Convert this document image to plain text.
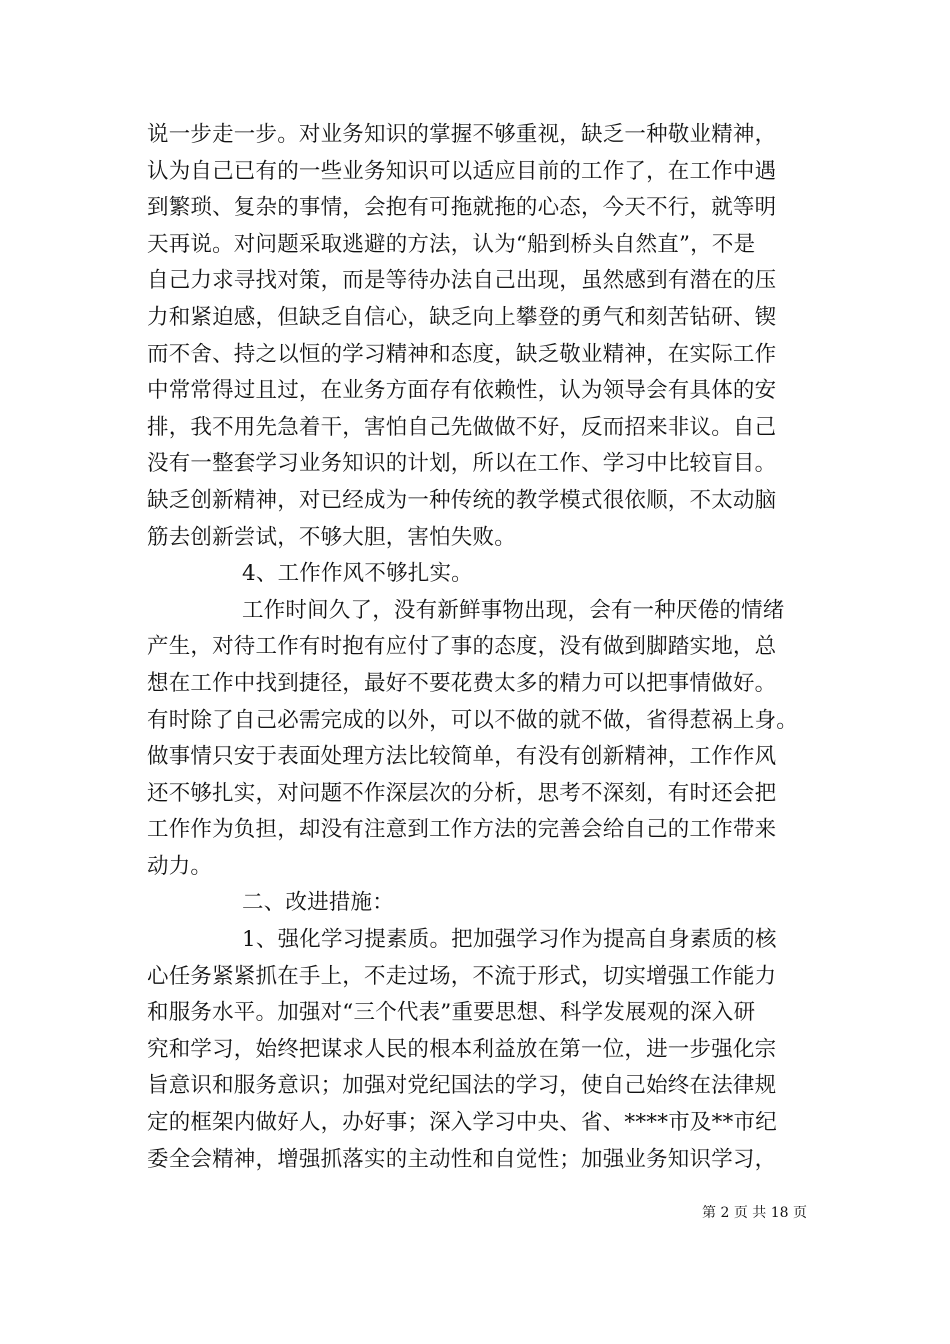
说一步走一步。对业务知识的掌握不够重视，缺乏一种敬业精神，
认为自己已有的一些业务知识可以适应目前的工作了，在工作中遇
到繁琐、复杂的事情，会抱有可拖就拖的心态，今天不行，就等明
天再说。对问题采取逃避的方法，认为“船到桥头自然直”，不是
自己力求寻找对策，而是等待办法自己出现，虽然感到有潜在的压
力和紧迫感，但缺乏自信心，缺乏向上攀登的勇气和刻苦钻研、锲
而不舍、持之以恒的学习精神和态度，缺乏敬业精神，在实际工作
中常常得过且过，在业务方面存有依赖性，认为领导会有具体的安
排，我不用先急着干，害怕自己先做做不好，反而招来非议。自己
没有一整套学习业务知识的计划，所以在工作、学习中比较盲目。
缺乏创新精神，对已经成为一种传统的教学模式很依顺，不太动脑
筋去创新尝试，不够大胆，害怕失败。
4、工作作风不够扎实。
工作时间久了，没有新鲜事物出现，会有一种厌倦的情绪
产生，对待工作有时抱有应付了事的态度，没有做到脚踏实地，总
想在工作中找到捷径，最好不要花费太多的精力可以把事情做好。
有时除了自己必需完成的以外，可以不做的就不做，省得惹祸上身。
做事情只安于表面处理方法比较简单，有没有创新精神，工作作风
还不够扎实，对问题不作深层次的分析，思考不深刻，有时还会把
工作作为负担，却没有注意到工作方法的完善会给自己的工作带来
动力。
二、改进措施：
1、强化学习提素质。把加强学习作为提高自身素质的核
心任务紧紧抓在手上，不走过场，不流于形式，切实增强工作能力
和服务水平。加强对“三个代表”重要思想、科学发展观的深入研
究和学习，始终把谋求人民的根本利益放在第一位，进一步强化宗
旨意识和服务意识；加强对党纪国法的学习，使自己始终在法律规
定的框架内做好人，办好事；深入学习中央、省、****市及**市纪
委全会精神，增强抓落实的主动性和自觉性；加强业务知识学习，
第 2 页 共 18 页
